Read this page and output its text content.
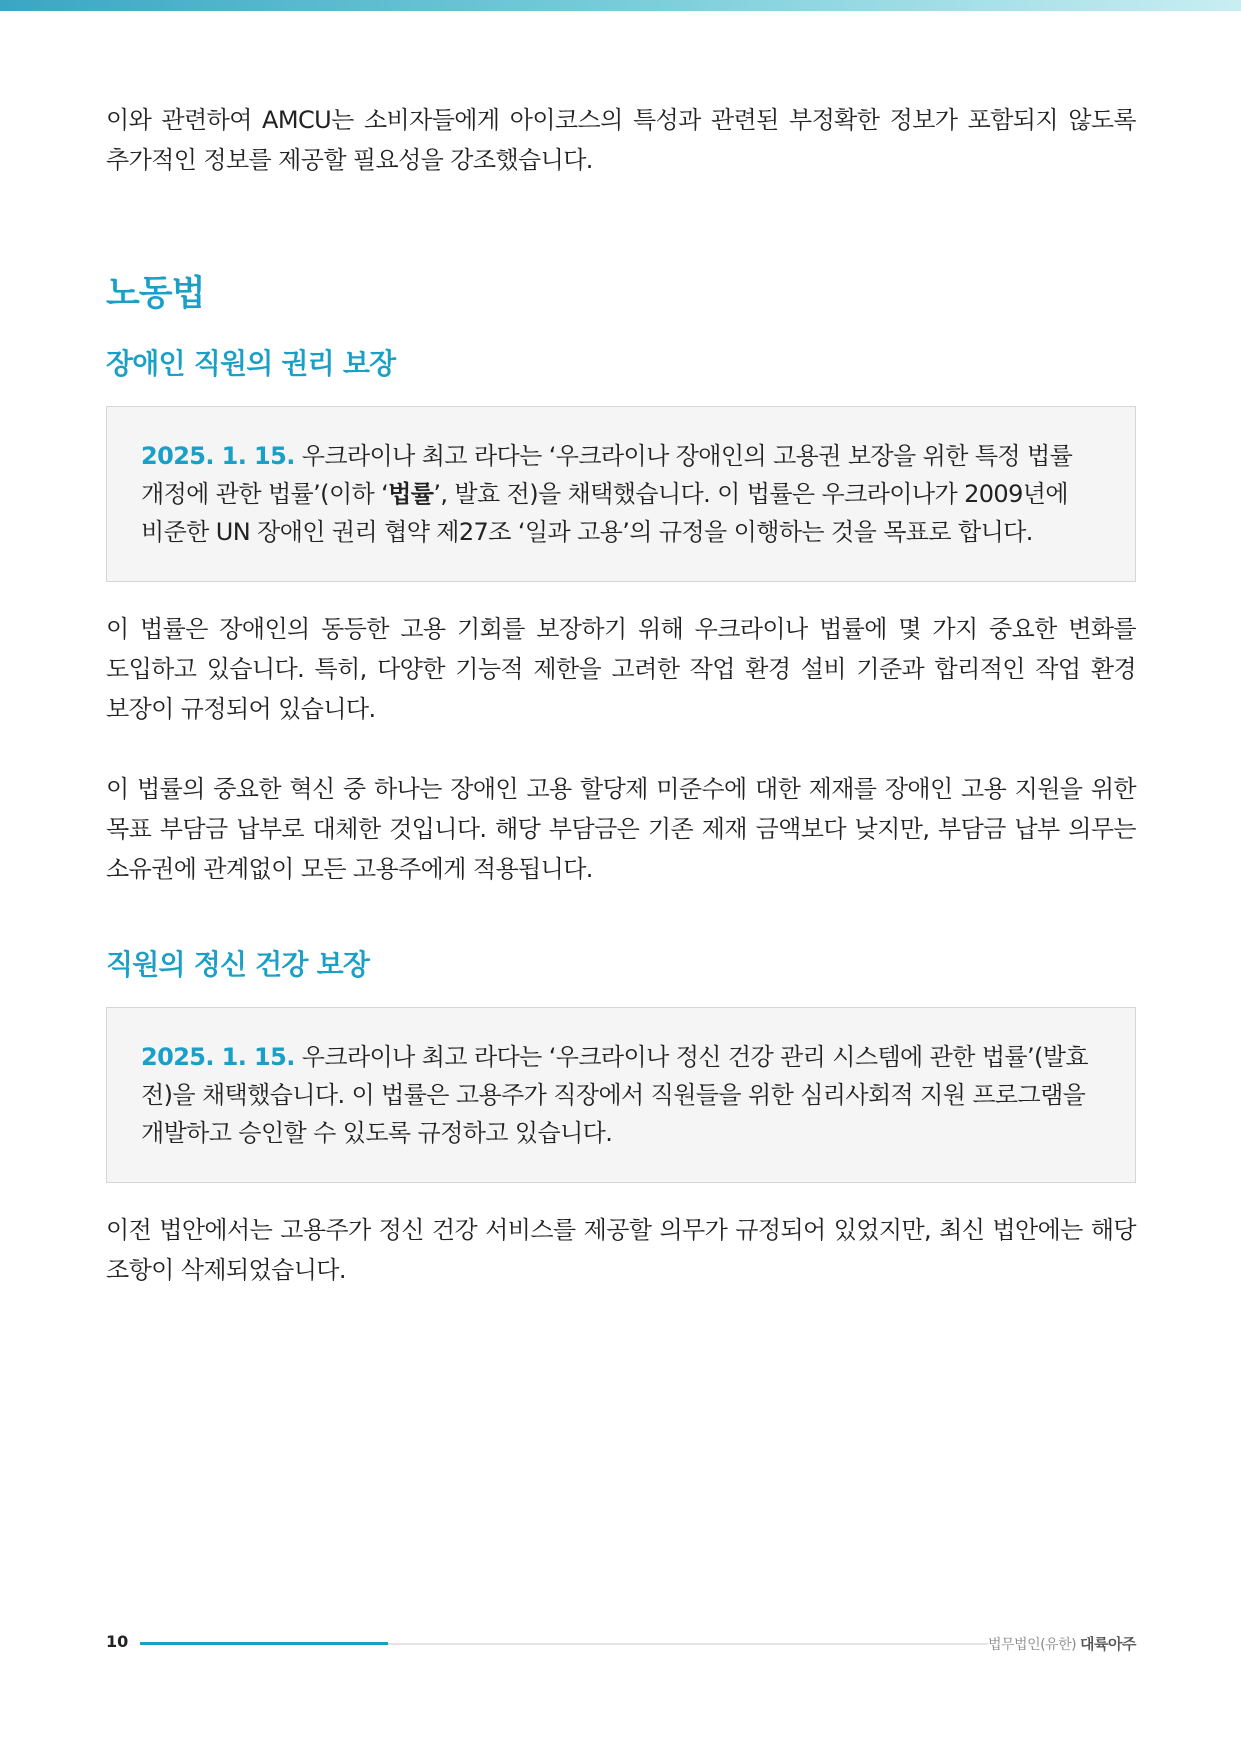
이와 관련하여 AMCU는 소비자들에게 아이코스의 특성과 관련된 부정확한 정보가 포함되지 않도록 추가적인 정보를 제공할 필요성을 강조했습니다.

노동법
장애인 직원의 권리 보장

2025. 1. 15. 우크라이나 최고 라다는 ‘우크라이나 장애인의 고용권 보장을 위한 특정 법률 개정에 관한 법률’(이하 ‘법률’, 발효 전)을 채택했습니다. 이 법률은 우크라이나가 2009년에 비준한 UN 장애인 권리 협약 제27조 ‘일과 고용’의 규정을 이행하는 것을 목표로 합니다.

이 법률은 장애인의 동등한 고용 기회를 보장하기 위해 우크라이나 법률에 몇 가지 중요한 변화를 도입하고 있습니다. 특히, 다양한 기능적 제한을 고려한 작업 환경 설비 기준과 합리적인 작업 환경 보장이 규정되어 있습니다.

이 법률의 중요한 혁신 중 하나는 장애인 고용 할당제 미준수에 대한 제재를 장애인 고용 지원을 위한 목표 부담금 납부로 대체한 것입니다. 해당 부담금은 기존 제재 금액보다 낮지만, 부담금 납부 의무는 소유권에 관계없이 모든 고용주에게 적용됩니다.

직원의 정신 건강 보장

2025. 1. 15. 우크라이나 최고 라다는 ‘우크라이나 정신 건강 관리 시스템에 관한 법률’(발효 전)을 채택했습니다. 이 법률은 고용주가 직장에서 직원들을 위한 심리사회적 지원 프로그램을 개발하고 승인할 수 있도록 규정하고 있습니다.

이전 법안에서는 고용주가 정신 건강 서비스를 제공할 의무가 규정되어 있었지만, 최신 법안에는 해당 조항이 삭제되었습니다.

10	법무법인(유한) 대륙아주
